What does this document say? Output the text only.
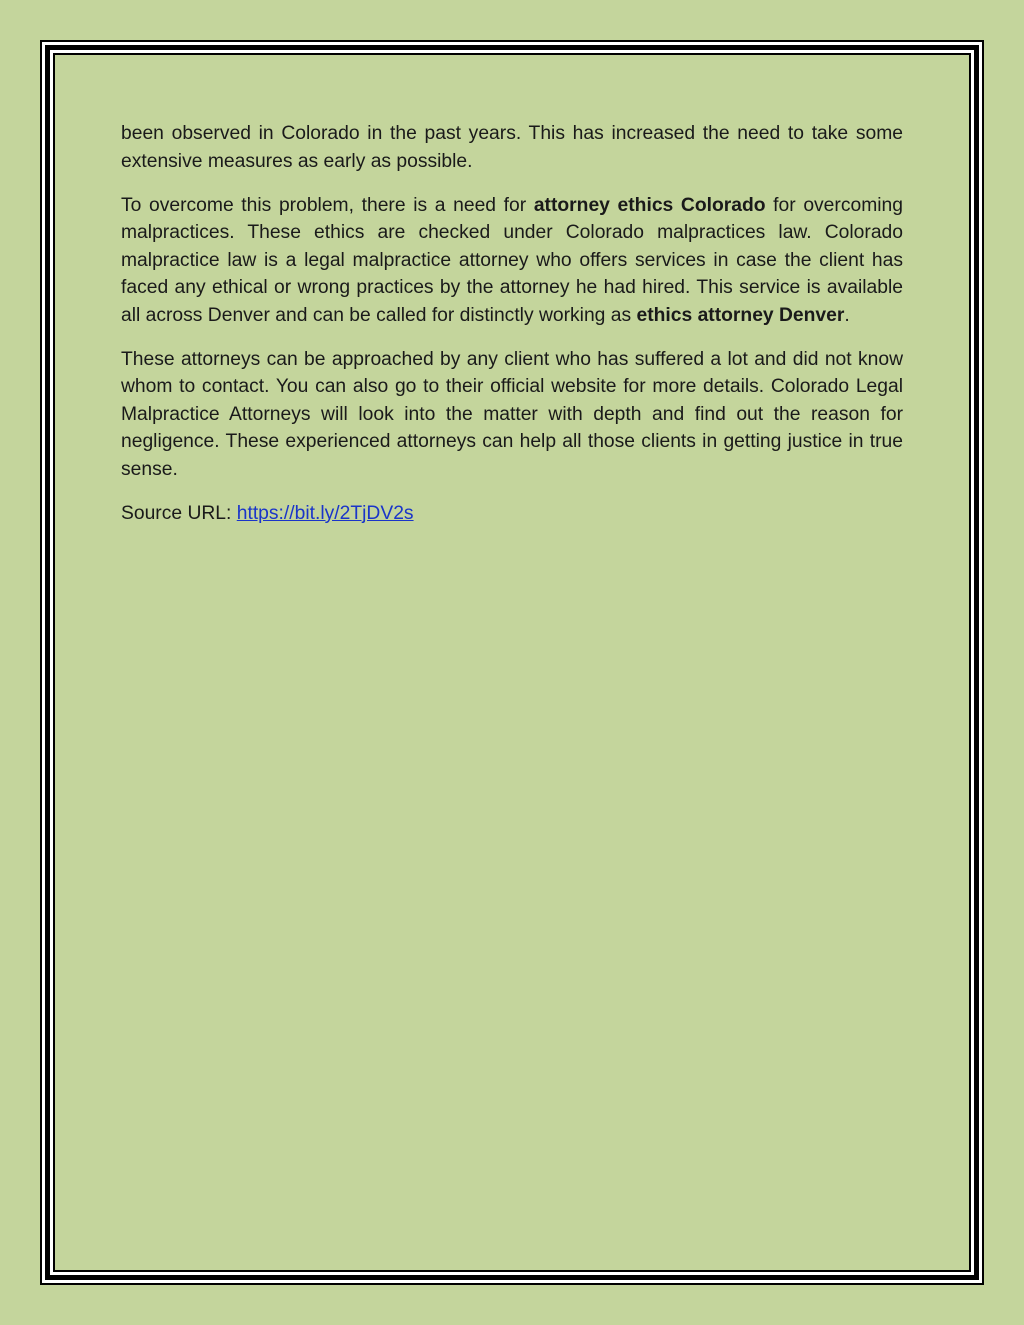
been observed in Colorado in the past years. This has increased the need to take some extensive measures as early as possible.

To overcome this problem, there is a need for attorney ethics Colorado for overcoming malpractices. These ethics are checked under Colorado malpractices law. Colorado malpractice law is a legal malpractice attorney who offers services in case the client has faced any ethical or wrong practices by the attorney he had hired. This service is available all across Denver and can be called for distinctly working as ethics attorney Denver.

These attorneys can be approached by any client who has suffered a lot and did not know whom to contact. You can also go to their official website for more details. Colorado Legal Malpractice Attorneys will look into the matter with depth and find out the reason for negligence. These experienced attorneys can help all those clients in getting justice in true sense.

Source URL: https://bit.ly/2TjDV2s
